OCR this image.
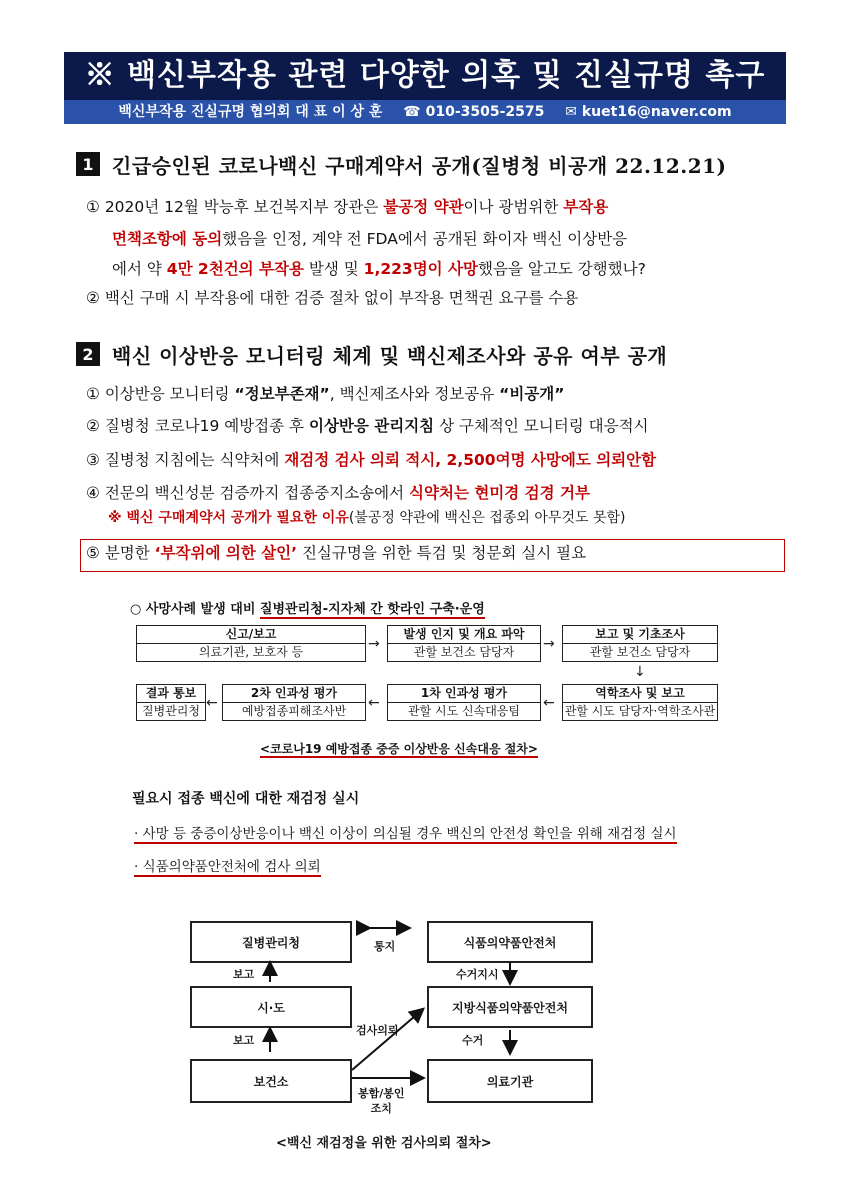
※ 백신부작용 관련 다양한 의혹 및 진실규명 촉구
백신부작용 진실규명 협의회 대 표 이 상 훈 ☎ 010-3505-2575 ✉ kuet16@naver.com
1 긴급승인된 코로나백신 구매계약서 공개(질병청 비공개 22.12.21)
① 2020년 12월 박능후 보건복지부 장관은 불공정 약관이나 광범위한 부작용
면책조항에 동의했음을 인정, 계약 전 FDA에서 공개된 화이자 백신 이상반응
에서 약 4만 2천건의 부작용 발생 및 1,223명이 사망했음을 알고도 강행했나?
② 백신 구매 시 부작용에 대한 검증 절차 없이 부작용 면책권 요구를 수용
2 백신 이상반응 모니터링 체계 및 백신제조사와 공유 여부 공개
① 이상반응 모니터링 “정보부존재”, 백신제조사와 정보공유 “비공개”
② 질병청 코로나19 예방접종 후 이상반응 관리지침 상 구체적인 모니터링 대응적시
③ 질병청 지침에는 식약처에 재검정 검사 의뢰 적시, 2,500여명 사망에도 의뢰안함
④ 전문의 백신성분 검증까지 접종중지소송에서 식약처는 현미경 검경 거부
※ 백신 구매계약서 공개가 필요한 이유(불공정 약관에 백신은 접종외 아무것도 못함)
⑤ 분명한 ‘부작위에 의한 살인’ 진실규명을 위한 특검 및 청문회 실시 필요
○ 사망사례 발생 대비 질병관리청-지자체 간 핫라인 구축·운영
신고/보고
의료기관, 보호자 등	→
발생 인지 및 개요 파악
관할 보건소 담당자	→
보고 및 기초조사
관할 보건소 담당자
↓
역학조사 및 보고
관할 시도 담당자·역학조사관
←
1차 인과성 평가
관할 시도 신속대응팀
←
2차 인과성 평가
예방접종피해조사반
←
결과 통보
질병관리청
<코로나19 예방접종 중증 이상반응 신속대응 절차>
필요시 접종 백신에 대한 재검정 실시
· 사망 등 중증이상반응이나 백신 이상이 의심될 경우 백신의 안전성 확인을 위해 재검정 실시
· 식품의약품안전처에 검사 의뢰
질병관리청	식품의약품안전처
시·도	지방식품의약품안전처
보건소	의료기관
통지
보고
보고
수거지시
수거
검사의뢰
봉함/봉인
조치
<백신 재검정을 위한 검사의뢰 절차>
